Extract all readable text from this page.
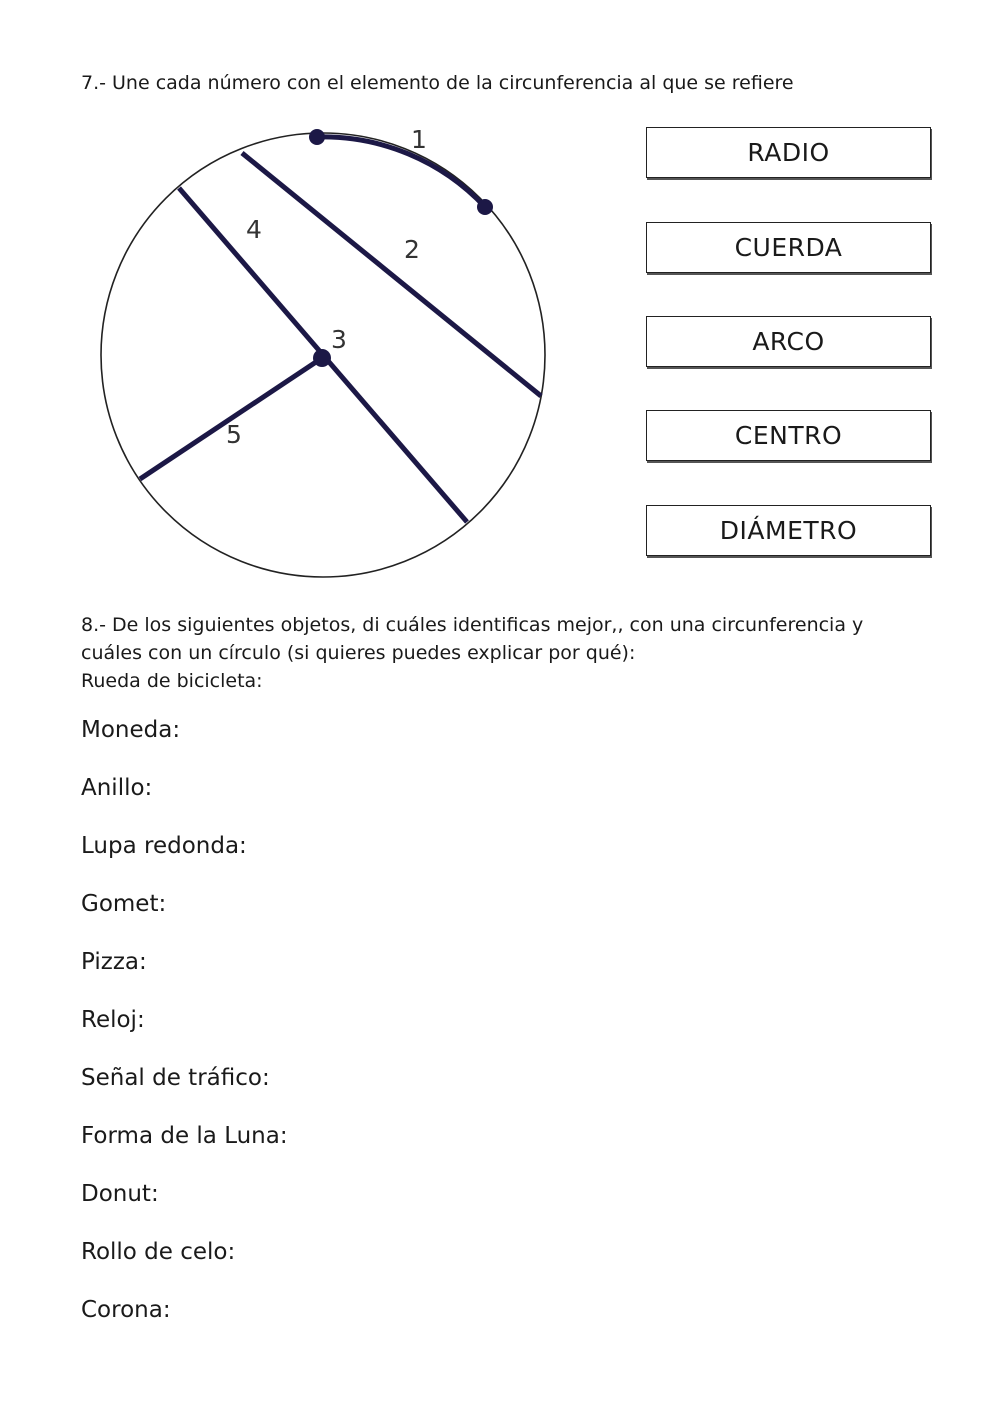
7.- Une cada número con el elemento de la circunferencia al que se refiere

1
2
3
4
5
RADIO
CUERDA
ARCO
CENTRO
DIÁMETRO

8.- De los siguientes objetos, di cuáles identificas mejor,, con una circunferencia y

cuáles con un círculo (si quieres puedes explicar por qué):

Rueda de bicicleta:

Moneda:
Anillo:
Lupa redonda:
Gomet:
Pizza:
Reloj:
Señal de tráfico:
Forma de la Luna:
Donut:
Rollo de celo:
Corona:
